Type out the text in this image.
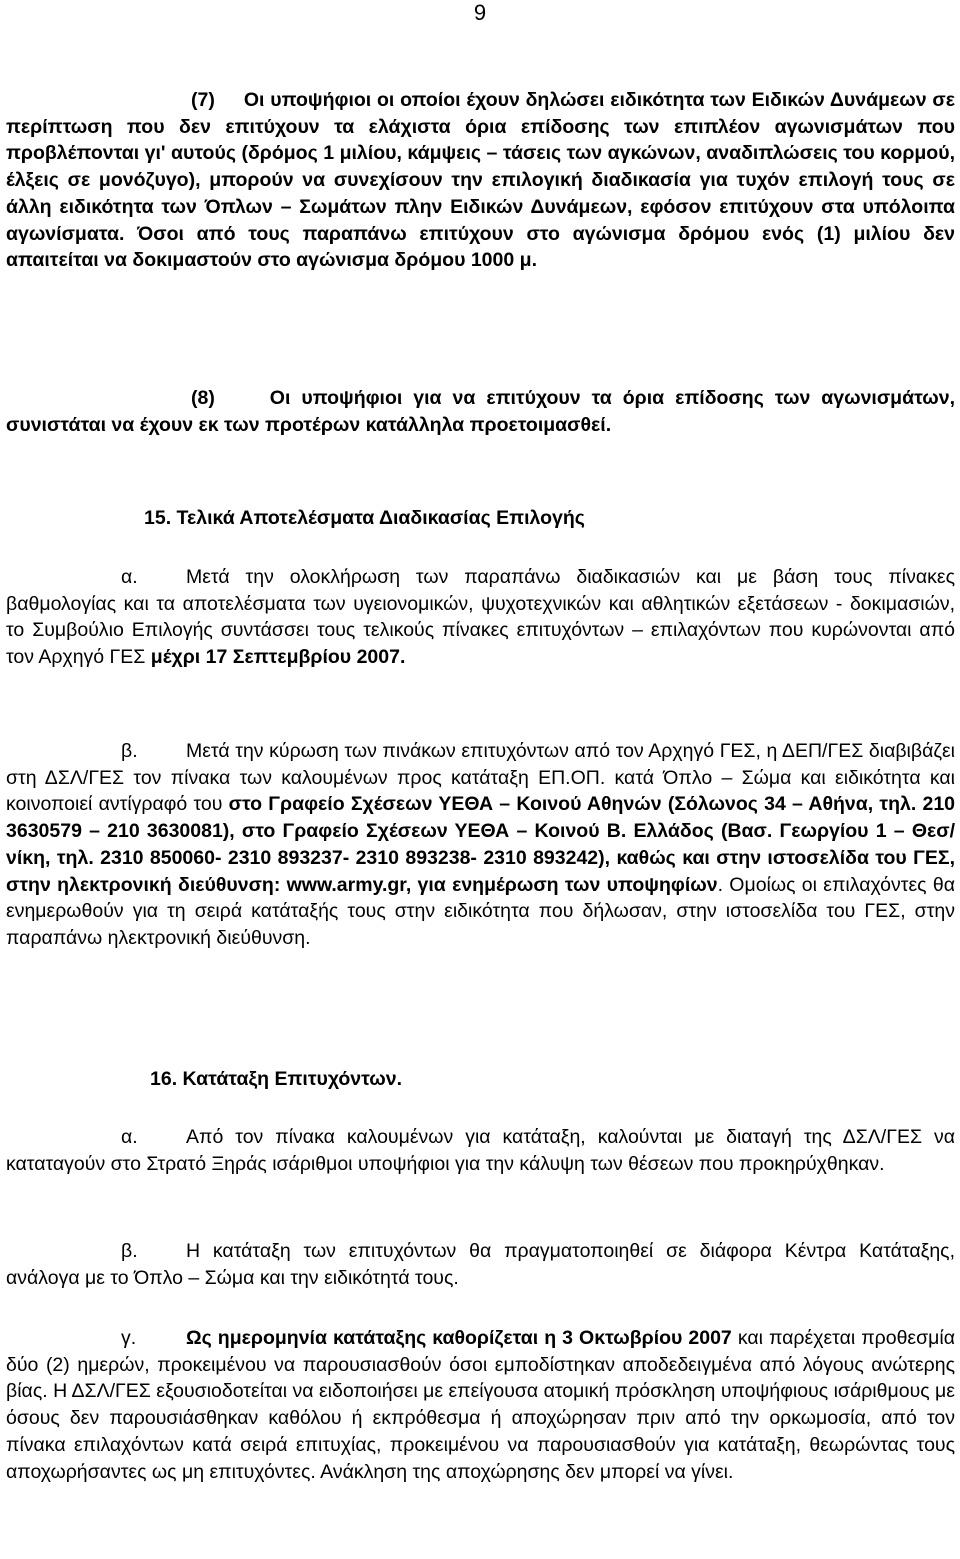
9

(7) Οι υποψήφιοι οι οποίοι έχουν δηλώσει ειδικότητα των Ειδικών Δυνάμεων σε περίπτωση που δεν επιτύχουν τα ελάχιστα όρια επίδοσης των επιπλέον αγωνισμάτων που προβλέπονται γι' αυτούς (δρόμος 1 μιλίου, κάμψεις – τάσεις των αγκώνων, αναδιπλώσεις του κορμού, έλξεις σε μονόζυγο), μπορούν να συνεχίσουν την επιλογική διαδικασία για τυχόν επιλογή τους σε άλλη ειδικότητα των Όπλων – Σωμάτων πλην Ειδικών Δυνάμεων, εφόσον επιτύχουν στα υπόλοιπα αγωνίσματα. Όσοι από τους παραπάνω επιτύχουν στο αγώνισμα δρόμου ενός (1) μιλίου δεν απαιτείται να δοκιμαστούν στο αγώνισμα δρόμου 1000 μ.

(8)	Οι υποψήφιοι για να επιτύχουν τα όρια επίδοσης των αγωνισμάτων, συνιστάται να έχουν εκ των προτέρων κατάλληλα προετοιμασθεί.

15. Τελικά Αποτελέσματα Διαδικασίας Επιλογής

α. Μετά την ολοκλήρωση των παραπάνω διαδικασιών και με βάση τους πίνακες βαθμολογίας και τα αποτελέσματα των υγειονομικών, ψυχοτεχνικών και αθλητικών εξετάσεων - δοκιμασιών, το Συμβούλιο Επιλογής συντάσσει τους τελικούς πίνακες επιτυχόντων – επιλαχόντων που κυρώνονται από τον Αρχηγό ΓΕΣ μέχρι 17 Σεπτεμβρίου 2007.

β. Μετά την κύρωση των πινάκων επιτυχόντων από τον Αρχηγό ΓΕΣ, η ΔΕΠ/ΓΕΣ διαβιβάζει στη ΔΣΛ/ΓΕΣ τον πίνακα των καλουμένων προς κατάταξη ΕΠ.ΟΠ. κατά Όπλο – Σώμα και ειδικότητα και κοινοποιεί αντίγραφό του στο Γραφείο Σχέσεων ΥΕΘΑ – Κοινού Αθηνών (Σόλωνος 34 – Αθήνα, τηλ. 210 3630579 – 210 3630081), στο Γραφείο Σχέσεων ΥΕΘΑ – Κοινού Β. Ελλάδος (Βασ. Γεωργίου 1 – Θεσ/νίκη, τηλ. 2310 850060- 2310 893237- 2310 893238- 2310 893242), καθώς και στην ιστοσελίδα του ΓΕΣ, στην ηλεκτρονική διεύθυνση: www.army.gr, για ενημέρωση των υποψηφίων. Ομοίως οι επιλαχόντες θα ενημερωθούν για τη σειρά κατάταξής τους στην ειδικότητα που δήλωσαν, στην ιστοσελίδα του ΓΕΣ, στην παραπάνω ηλεκτρονική διεύθυνση.

16. Κατάταξη Επιτυχόντων.

α. Από τον πίνακα καλουμένων για κατάταξη, καλούνται με διαταγή της ΔΣΛ/ΓΕΣ να καταταγούν στο Στρατό Ξηράς ισάριθμοι υποψήφιοι για την κάλυψη των θέσεων που προκηρύχθηκαν.

β. Η κατάταξη των επιτυχόντων θα πραγματοποιηθεί σε διάφορα Κέντρα Κατάταξης, ανάλογα με το Όπλο – Σώμα και την ειδικότητά τους.

γ.	Ως ημερομηνία κατάταξης καθορίζεται η 3 Οκτωβρίου 2007 και παρέχεται προθεσμία δύο (2) ημερών, προκειμένου να παρουσιασθούν όσοι εμποδίστηκαν αποδεδειγμένα από λόγους ανώτερης βίας. Η ΔΣΛ/ΓΕΣ εξουσιοδοτείται να ειδοποιήσει με επείγουσα ατομική πρόσκληση υποψήφιους ισάριθμους με όσους δεν παρουσιάσθηκαν καθόλου ή εκπρόθεσμα ή αποχώρησαν πριν από την ορκωμοσία, από τον πίνακα επιλαχόντων κατά σειρά επιτυχίας, προκειμένου να παρουσιασθούν για κατάταξη, θεωρώντας τους αποχωρήσαντες ως μη επιτυχόντες. Ανάκληση της αποχώρησης δεν μπορεί να γίνει.
